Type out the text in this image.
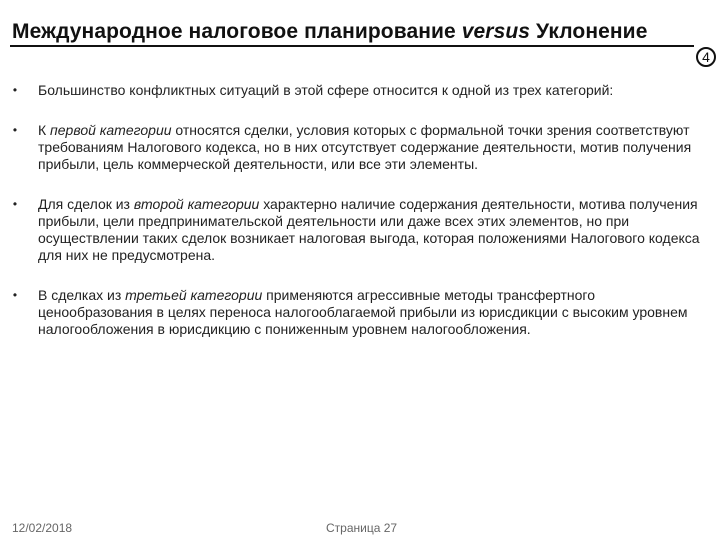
Международное налоговое планирование versus Уклонение
4
• Большинство конфликтных ситуаций в этой сфере относится к одной из трех категорий:
• К первой категории относятся сделки, условия которых с формальной точки зрения соответствуют требованиям Налогового кодекса, но в них отсутствует содержание деятельности, мотив получения прибыли, цель коммерческой деятельности, или все эти элементы.
• Для сделок из второй категории характерно наличие содержания деятельности, мотива получения прибыли, цели предпринимательской деятельности или даже всех этих элементов, но при осуществлении таких сделок возникает налоговая выгода, которая положениями Налогового кодекса для них не предусмотрена.
• В сделках из третьей категории применяются агрессивные методы трансфертного ценообразования в целях переноса налогооблагаемой прибыли из юрисдикции с высоким уровнем налогообложения в юрисдикцию с пониженным уровнем налогообложения.
12/02/2018	Страница 27
